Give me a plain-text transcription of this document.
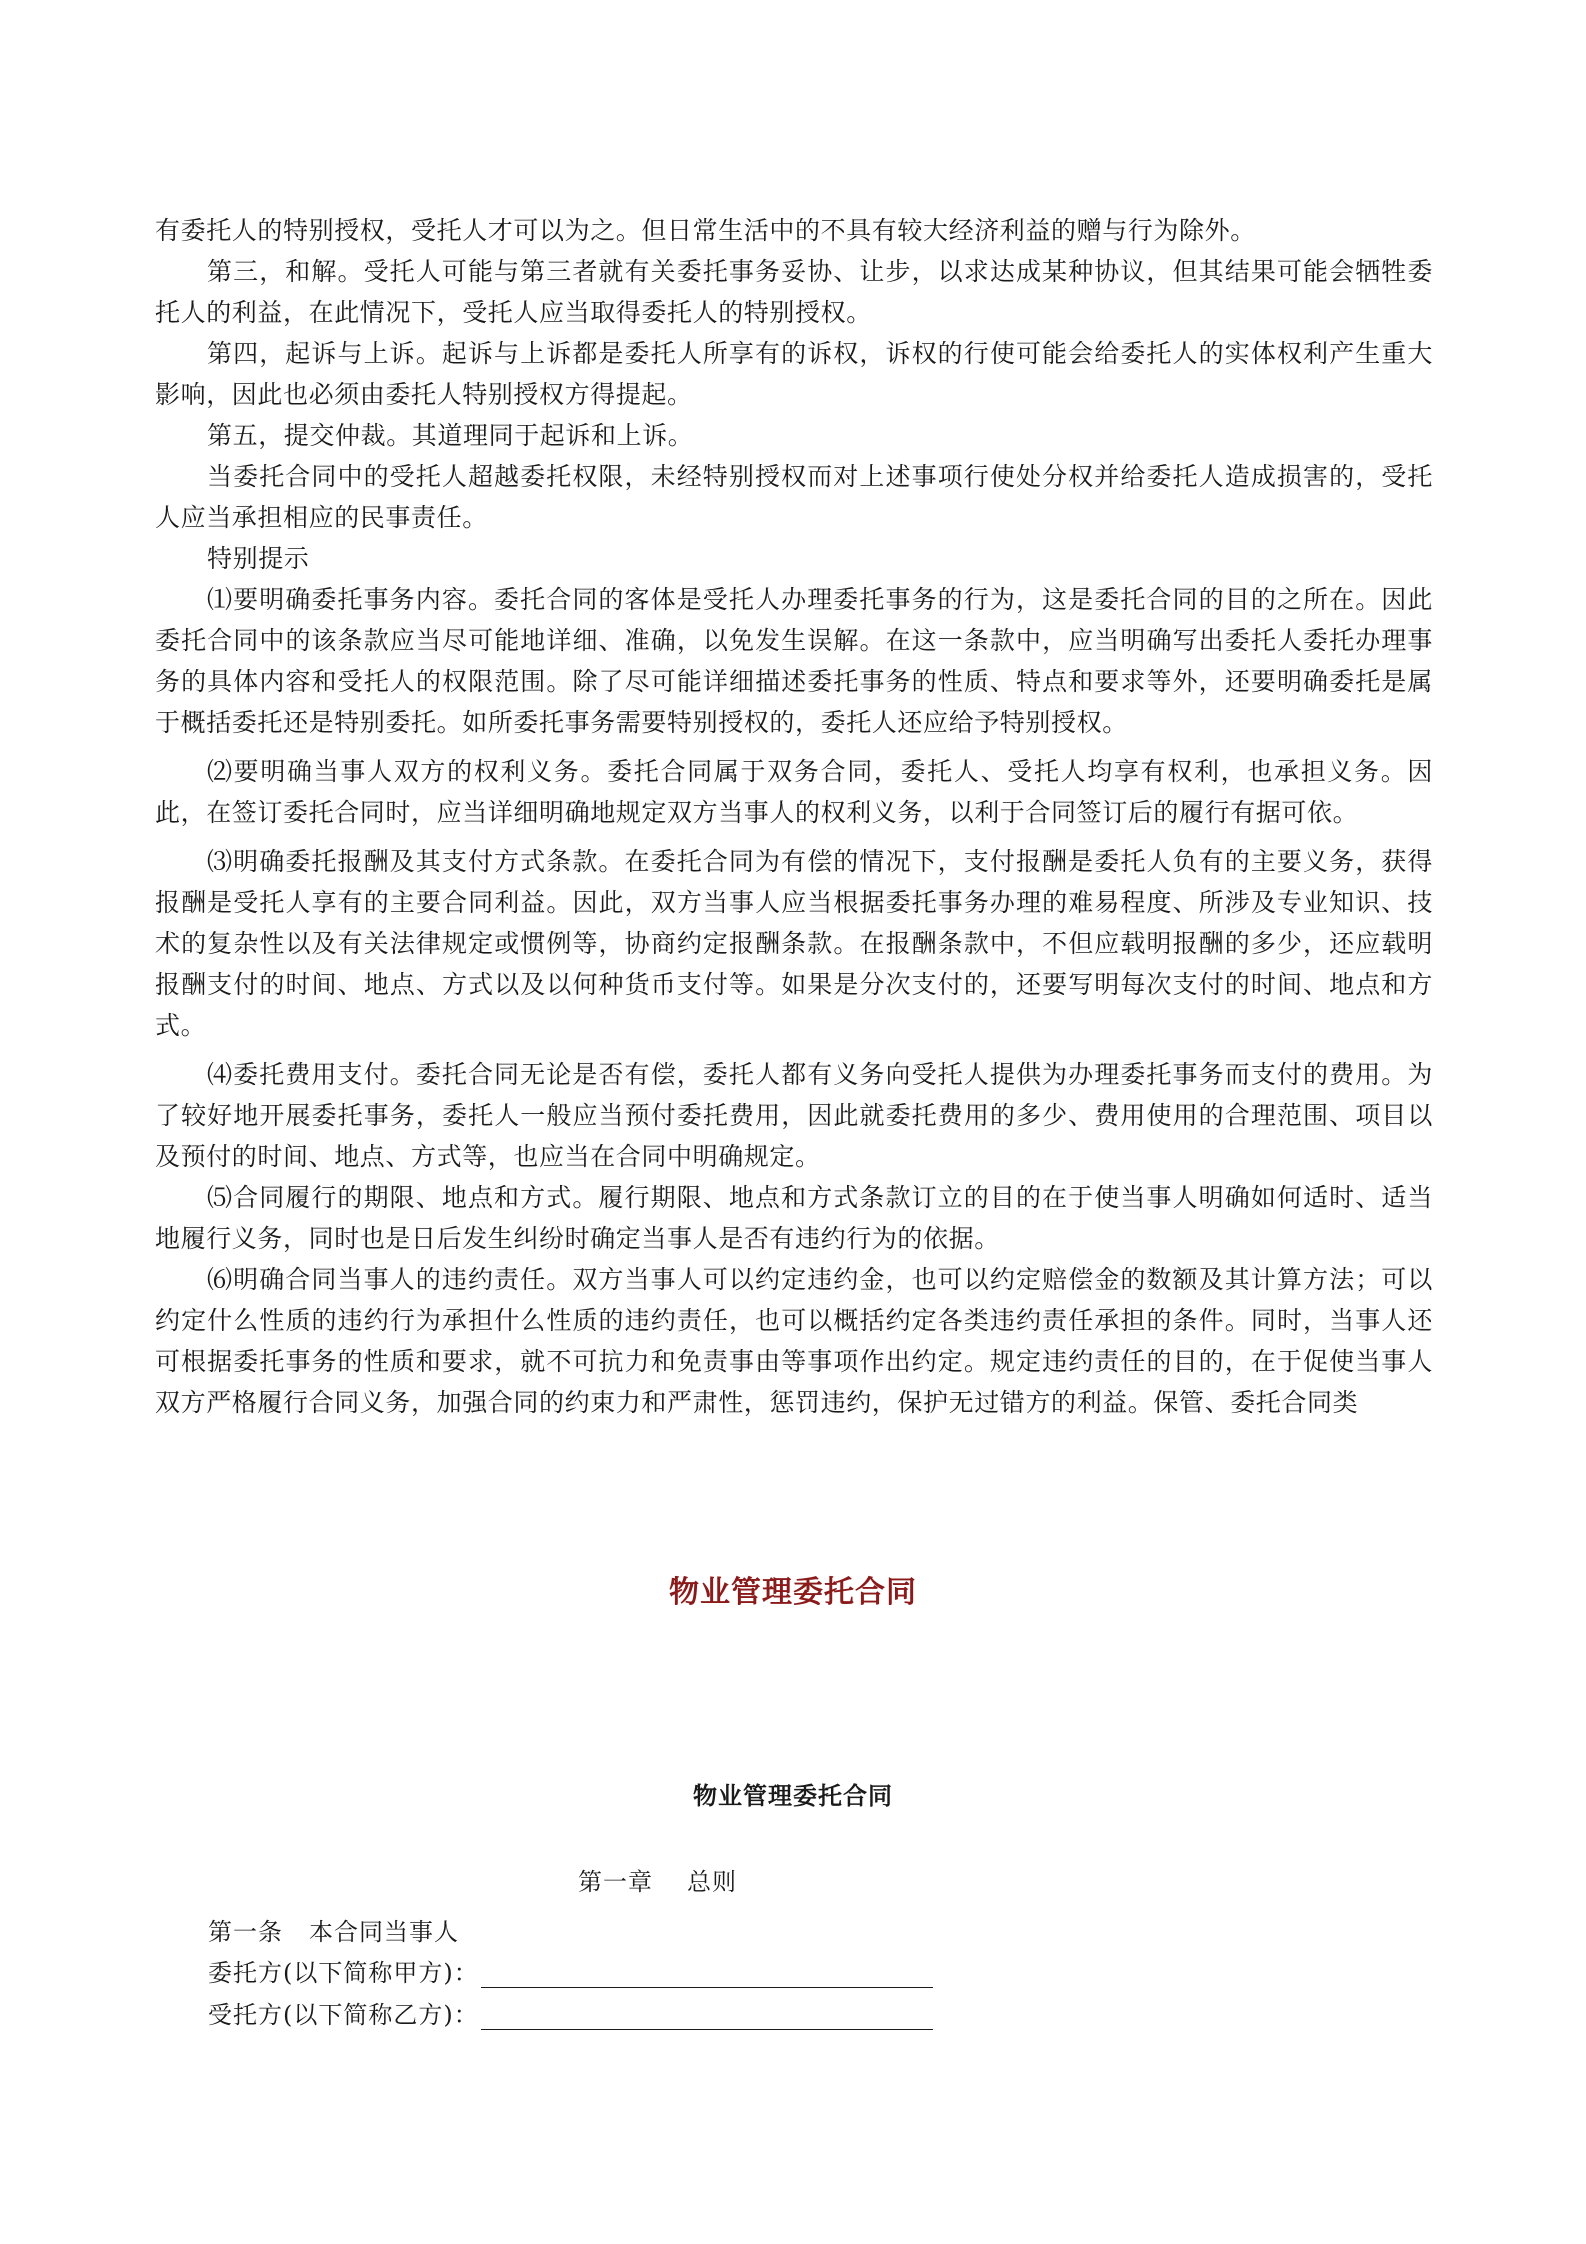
有委托人的特别授权，受托人才可以为之。但日常生活中的不具有较大经济利益的赠与行为除外。

第三，和解。受托人可能与第三者就有关委托事务妥协、让步，以求达成某种协议，但其结果可能会牺牲委托人的利益，在此情况下，受托人应当取得委托人的特别授权。

第四，起诉与上诉。起诉与上诉都是委托人所享有的诉权，诉权的行使可能会给委托人的实体权利产生重大影响，因此也必须由委托人特别授权方得提起。

第五，提交仲裁。其道理同于起诉和上诉。

当委托合同中的受托人超越委托权限，未经特别授权而对上述事项行使处分权并给委托人造成损害的，受托人应当承担相应的民事责任。

特别提示

⑴要明确委托事务内容。委托合同的客体是受托人办理委托事务的行为，这是委托合同的目的之所在。因此委托合同中的该条款应当尽可能地详细、准确，以免发生误解。在这一条款中，应当明确写出委托人委托办理事务的具体内容和受托人的权限范围。除了尽可能详细描述委托事务的性质、特点和要求等外，还要明确委托是属于概括委托还是特别委托。如所委托事务需要特别授权的，委托人还应给予特别授权。

⑵要明确当事人双方的权利义务。委托合同属于双务合同，委托人、受托人均享有权利，也承担义务。因此，在签订委托合同时，应当详细明确地规定双方当事人的权利义务，以利于合同签订后的履行有据可依。

⑶明确委托报酬及其支付方式条款。在委托合同为有偿的情况下，支付报酬是委托人负有的主要义务，获得报酬是受托人享有的主要合同利益。因此，双方当事人应当根据委托事务办理的难易程度、所涉及专业知识、技术的复杂性以及有关法律规定或惯例等，协商约定报酬条款。在报酬条款中，不但应载明报酬的多少，还应载明报酬支付的时间、地点、方式以及以何种货币支付等。如果是分次支付的，还要写明每次支付的时间、地点和方式。

⑷委托费用支付。委托合同无论是否有偿，委托人都有义务向受托人提供为办理委托事务而支付的费用。为了较好地开展委托事务，委托人一般应当预付委托费用，因此就委托费用的多少、费用使用的合理范围、项目以及预付的时间、地点、方式等，也应当在合同中明确规定。

⑸合同履行的期限、地点和方式。履行期限、地点和方式条款订立的目的在于使当事人明确如何适时、适当地履行义务，同时也是日后发生纠纷时确定当事人是否有违约行为的依据。

⑹明确合同当事人的违约责任。双方当事人可以约定违约金，也可以约定赔偿金的数额及其计算方法；可以约定什么性质的违约行为承担什么性质的违约责任，也可以概括约定各类违约责任承担的条件。同时，当事人还可根据委托事务的性质和要求，就不可抗力和免责事由等事项作出约定。规定违约责任的目的，在于促使当事人双方严格履行合同义务，加强合同的约束力和严肃性，惩罚违约，保护无过错方的利益。保管、委托合同类

物业管理委托合同
物业管理委托合同
第一章 总则
第一条 本合同当事人
委托方(以下简称甲方)：
受托方(以下简称乙方)：
